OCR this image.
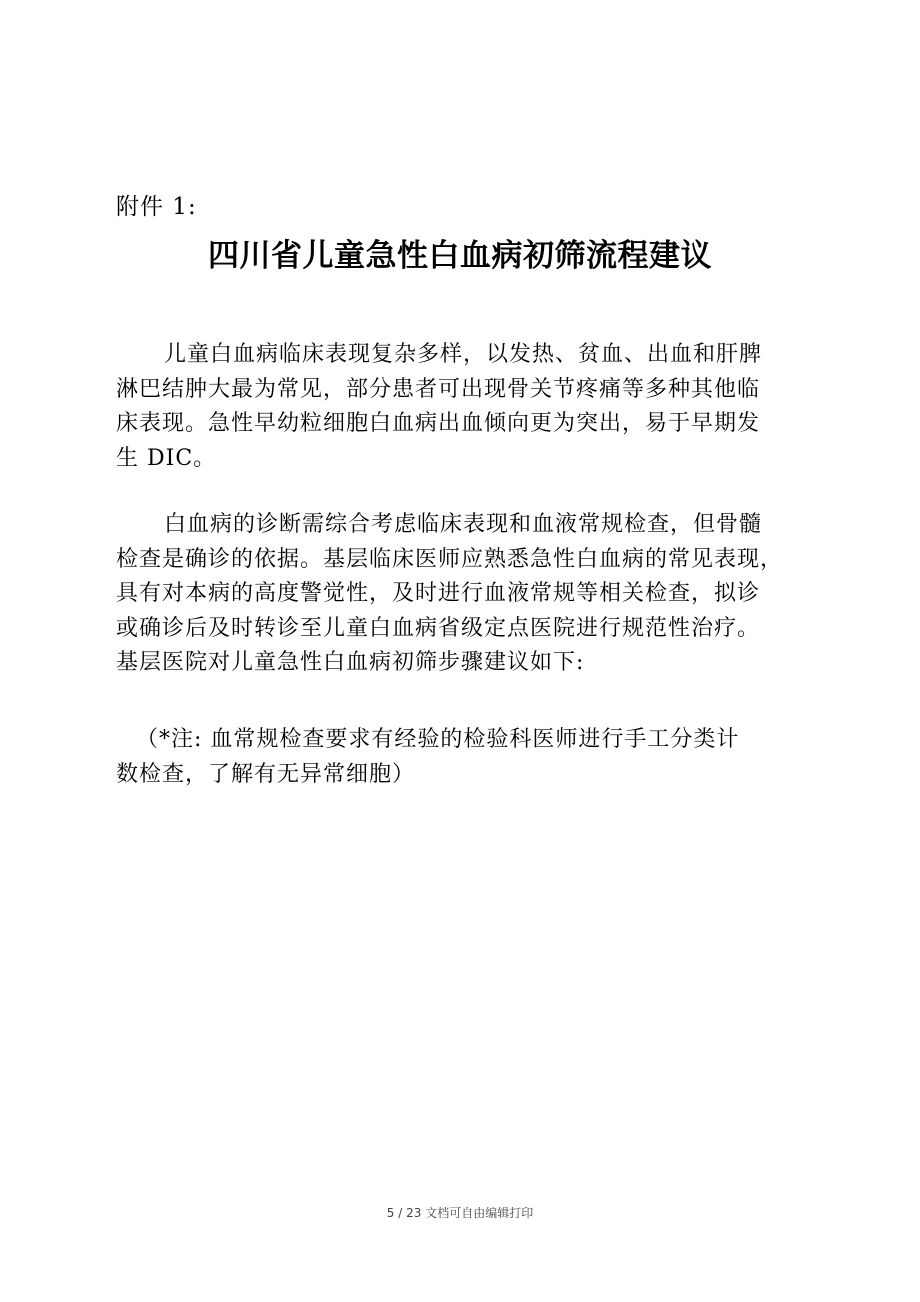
附件 1:
四川省儿童急性白血病初筛流程建议
儿童白血病临床表现复杂多样，以发热、贫血、出血和肝脾
淋巴结肿大最为常见，部分患者可出现骨关节疼痛等多种其他临
床表现。急性早幼粒细胞白血病出血倾向更为突出，易于早期发
生 DIC。
白血病的诊断需综合考虑临床表现和血液常规检查，但骨髓
检查是确诊的依据。基层临床医师应熟悉急性白血病的常见表现，
具有对本病的高度警觉性，及时进行血液常规等相关检查，拟诊
或确诊后及时转诊至儿童白血病省级定点医院进行规范性治疗。
基层医院对儿童急性白血病初筛步骤建议如下:
（*注: 血常规检查要求有经验的检验科医师进行手工分类计
数检查，了解有无异常细胞）
5 / 23 文档可自由编辑打印
